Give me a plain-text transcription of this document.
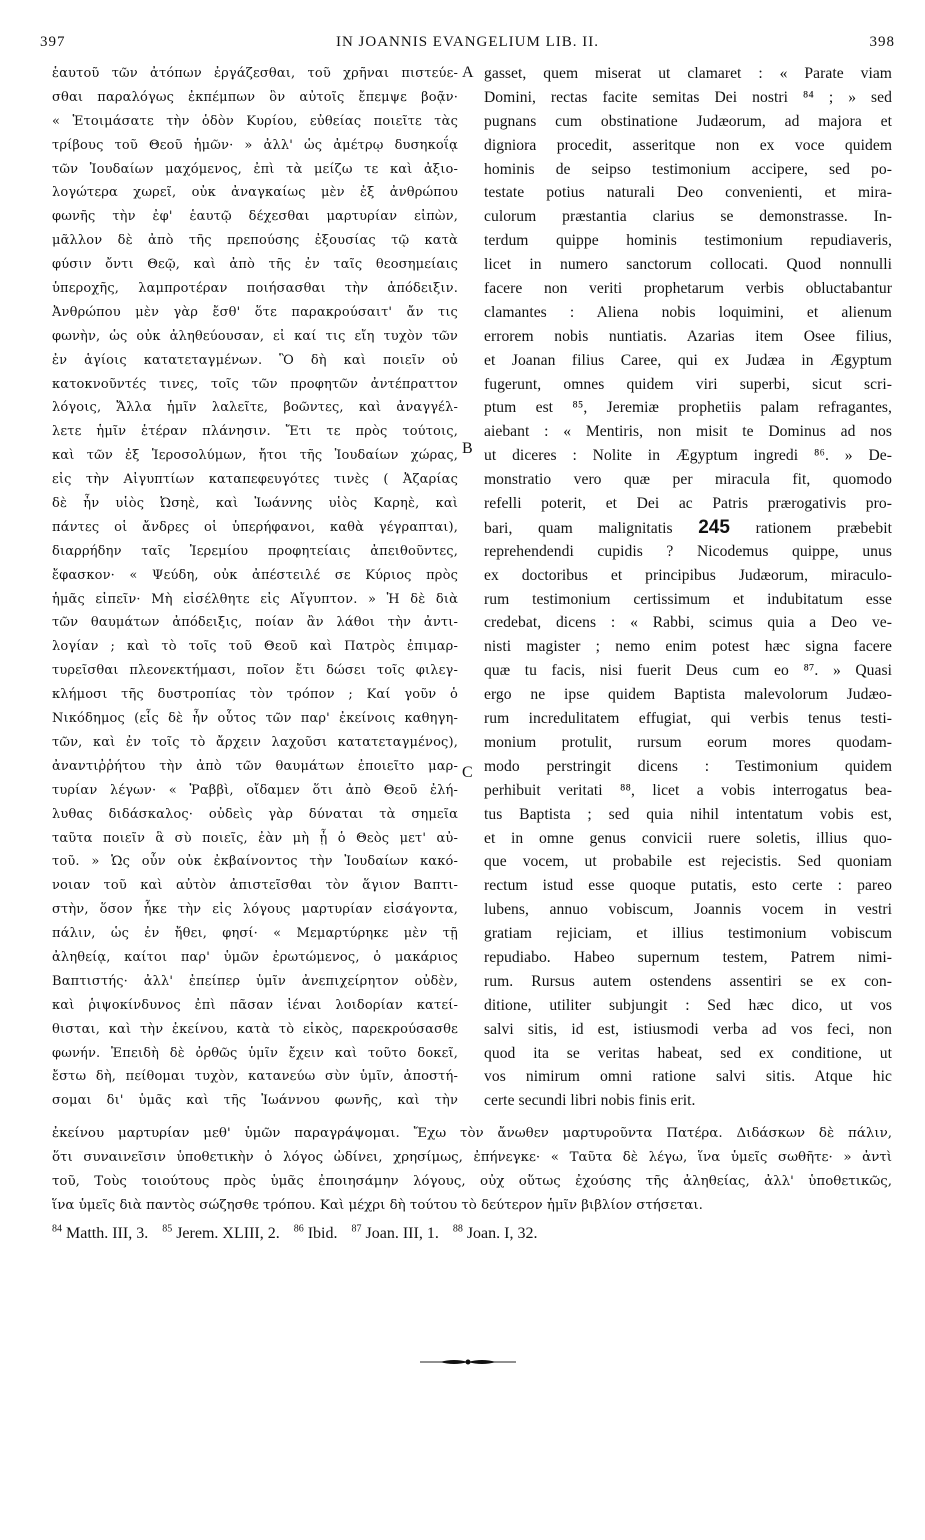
397	IN JOANNIS EVANGELIUM LIB. II.	398
ἑαυτοῦ τῶν ἀτόπων ἐργάζεσθαι, τοῦ χρῆναι πιστεύε-
σθαι παραλόγως ἐκπέμπων ὃν αὐτοῖς ἔπεμψε βοᾷν·
« Ἑτοιμάσατε τὴν ὁδὸν Κυρίου, εὐθείας ποιεῖτε τὰς
τρίβους τοῦ Θεοῦ ἡμῶν· » ἀλλ' ὡς ἀμέτρῳ δυσηκοΐᾳ
τῶν Ἰουδαίων μαχόμενος, ἐπὶ τὰ μείζω τε καὶ ἀξιο-
λογώτερα χωρεῖ, οὐκ ἀναγκαίως μὲν ἐξ ἀνθρώπου
φωνῆς τὴν ἐφ' ἑαυτῷ δέχεσθαι μαρτυρίαν εἰπὼν,
μᾶλλον δὲ ἀπὸ τῆς πρεπούσης ἐξουσίας τῷ κατὰ
φύσιν ὄντι Θεῷ, καὶ ἀπὸ τῆς ἐν ταῖς θεοσημείαις
ὑπεροχῆς, λαμπροτέραν ποιήσασθαι τὴν ἀπόδειξιν.
Ἀνθρώπου μὲν γὰρ ἔσθ' ὅτε παρακρούσαιτ' ἄν τις
φωνὴν, ὡς οὐκ ἀληθεύουσαν, εἰ καί τις εἴη τυχὸν τῶν
ἐν ἁγίοις κατατεταγμένων. Ὃ δὴ καὶ ποιεῖν οὐ
κατοκνοῦντές τινες, τοῖς τῶν προφητῶν ἀντέπραττον
λόγοις, Ἄλλα ἡμῖν λαλεῖτε, βοῶντες, καὶ ἀναγγέλ-
λετε ἡμῖν ἑτέραν πλάνησιν. Ἔτι τε πρὸς τούτοις,
καὶ τῶν ἐξ Ἱεροσολύμων, ἤτοι τῆς Ἰουδαίων χώρας,
εἰς τὴν Αἰγυπτίων καταπεφευγότες τινὲς ( Ἀζαρίας
δὲ ἦν υἱὸς Ὠσηὲ, καὶ Ἰωάννης υἱὸς Καρηὲ, καὶ
πάντες οἱ ἄνδρες οἱ ὑπερήφανοι, καθὰ γέγραπται),
διαρρήδην ταῖς Ἱερεμίου προφητείαις ἀπειθοῦντες,
ἔφασκον· « Ψεύδη, οὐκ ἀπέστειλέ σε Κύριος πρὸς
ἡμᾶς εἰπεῖν· Μὴ εἰσέλθητε εἰς Αἴγυπτον. » Ἡ δὲ διὰ
τῶν θαυμάτων ἀπόδειξις, ποίαν ἂν λάθοι τὴν ἀντι-
λογίαν ; καὶ τὸ τοῖς τοῦ Θεοῦ καὶ Πατρὸς ἐπιμαρ-
τυρεῖσθαι πλεονεκτήμασι, ποῖον ἔτι δώσει τοῖς φιλεγ-
κλήμοσι τῆς δυστροπίας τὸν τρόπον ; Καί γοῦν ὁ
Νικόδημος (εἷς δὲ ἦν οὗτος τῶν παρ' ἐκείνοις καθηγη-
τῶν, καὶ ἐν τοῖς τὸ ἄρχειν λαχοῦσι κατατεταγμένος),
ἀναντιῤῥήτου τὴν ἀπὸ τῶν θαυμάτων ἐποιεῖτο μαρ-
τυρίαν λέγων· « Ῥαββὶ, οἴδαμεν ὅτι ἀπὸ Θεοῦ ἐλή-
λυθας διδάσκαλος· οὐδεὶς γὰρ δύναται τὰ σημεῖα
ταῦτα ποιεῖν ἃ σὺ ποιεῖς, ἐὰν μὴ ᾖ ὁ Θεὸς μετ' αὐ-
τοῦ. » Ὡς οὖν οὐκ ἐκβαίνοντος τὴν Ἰουδαίων κακό-
νοιαν τοῦ καὶ αὐτὸν ἀπιστεῖσθαι τὸν ἅγιον Βαπτι-
στὴν, ὅσον ἧκε τὴν εἰς λόγους μαρτυρίαν εἰσάγοντα,
πάλιν, ὡς ἐν ἤθει, φησί· « Μεμαρτύρηκε μὲν τῇ
ἀληθείᾳ, καίτοι παρ' ὑμῶν ἐρωτώμενος, ὁ μακάριος
Βαπτιστής· ἀλλ' ἐπείπερ ὑμῖν ἀνεπιχείρητον οὐδὲν,
καὶ ῥιψοκίνδυνος ἐπὶ πᾶσαν ἰέναι λοιδορίαν κατεί-
θισται, καὶ τὴν ἐκείνου, κατὰ τὸ εἰκὸς, παρεκρούσασθε
φωνήν. Ἐπειδὴ δὲ ὀρθῶς ὑμῖν ἔχειν καὶ τοῦτο δοκεῖ,
ἔστω δὴ, πείθομαι τυχὸν, κατανεύω σὺν ὑμῖν, ἀποστή-
σομαι δι' ὑμᾶς καὶ τῆς Ἰωάννου φωνῆς, καὶ τὴν
gasset, quem miserat ut clamaret : « Parate viam
Domini, rectas facite semitas Dei nostri ⁸⁴ ; » sed
pugnans cum obstinatione Judæorum, ad majora et
digniora procedit, asseritque non ex voce quidem
hominis de seipso testimonium accipere, sed po-
testate potius naturali Deo convenienti, et mira-
culorum præstantia clarius se demonstrasse. In-
terdum quippe hominis testimonium repudiaveris,
licet in numero sanctorum collocati. Quod nonnulli
facere non veriti prophetarum verbis obluctabantur
clamantes : Aliena nobis loquimini, et alienum
errorem nobis nuntiatis. Azarias item Osee filius,
et Joanan filius Caree, qui ex Judæa in Ægyptum
fugerunt, omnes quidem viri superbi, sicut scri-
ptum est ⁸⁵, Jeremiæ prophetiis palam refragantes,
aiebant : « Mentiris, non misit te Dominus ad nos
ut diceres : Nolite in Ægyptum ingredi ⁸⁶. » De-
monstratio vero quæ per miracula fit, quomodo
refelli poterit, et Dei ac Patris prærogativis pro-
bari, quam malignitatis 245 rationem præbebit
reprehendendi cupidis ? Nicodemus quippe, unus
ex doctoribus et principibus Judæorum, miraculo-
rum testimonium certissimum et indubitatum esse
credebat, dicens : « Rabbi, scimus quia a Deo ve-
nisti magister ; nemo enim potest hæc signa facere
quæ tu facis, nisi fuerit Deus cum eo ⁸⁷. » Quasi
ergo ne ipse quidem Baptista malevolorum Judæo-
rum incredulitatem effugiat, qui verbis tenus testi-
monium protulit, rursum eorum mores quodam-
modo perstringit dicens : Testimonium quidem
perhibuit veritati ⁸⁸, licet a vobis interrogatus bea-
tus Baptista ; sed quia nihil intentatum vobis est,
et in omne genus convicii ruere soletis, illius quo-
que vocem, ut probabile est rejecistis. Sed quoniam
rectum istud esse quoque putatis, esto certe : pareo
lubens, annuo vobiscum, Joannis vocem in vestri
gratiam rejiciam, et illius testimonium vobiscum
repudiabo. Habeo supernum testem, Patrem nimi-
rum. Rursus autem ostendens assentiri se ex con-
ditione, utiliter subjungit : Sed hæc dico, ut vos
salvi sitis, id est, istiusmodi verba ad vos feci, non
quod ita se veritas habeat, sed ex conditione, ut
vos nimirum omni ratione salvi sitis. Atque hic
certe secundi libri nobis finis erit.
A
B
C
ἐκείνου μαρτυρίαν μεθ' ὑμῶν παραγράψομαι. Ἔχω τὸν ἄνωθεν μαρτυροῦντα Πατέρα. Διδάσκων δὲ πάλιν,
ὅτι συναινεῖσιν ὑποθετικὴν ὁ λόγος ὠδίνει, χρησίμως, ἐπήνεγκε· « Ταῦτα δὲ λέγω, ἵνα ὑμεῖς σωθῆτε· » ἀντὶ
τοῦ, Τοὺς τοιούτους πρὸς ὑμᾶς ἐποιησάμην λόγους, οὐχ οὕτως ἐχούσης τῆς ἀληθείας, ἀλλ' ὑποθετικῶς,
ἵνα ὑμεῖς διὰ παντὸς σώζησθε τρόπου. Καὶ μέχρι δὴ τούτου τὸ δεύτερον ἡμῖν βιβλίον στήσεται.
$^{84}$ Matth. III, 3. $^{85}$ Jerem. XLIII, 2. $^{86}$ Ibid. $^{87}$ Joan. III, 1. $^{88}$ Joan. I, 32.
